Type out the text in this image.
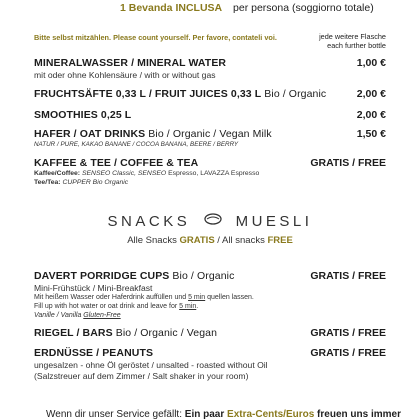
1 Bevanda INCLUSA per persona (soggiorno totale)
Bitte selbst mitzählen. Please count yourself. Per favore, contateli voi.	jede weitere Flasche
each further bottle
MINERALWASSER / MINERAL WATER	1,00 €
mit oder ohne Kohlensäure / with or without gas
FRUCHTSÄFTE 0,33 L / FRUIT JUICES 0,33 L Bio / Organic	2,00 €
SMOOTHIES 0,25 L	2,00 €
HAFER / OAT DRINKS Bio / Organic / Vegan Milk	1,50 €
NATUR / PURE, KAKAO BANANE / COCOA BANANA, BEERE / BERRY
KAFFEE & TEE / COFFEE & TEA	GRATIS / FREE
Kaffee/Coffee: SENSEO Classic, SENSEO Espresso, LAVAZZA Espresso
Tee/Tea: CUPPER Bio Organic
SNACKS	MUESLI
Alle Snacks GRATIS / All snacks FREE
DAVERT PORRIDGE CUPS Bio / Organic	GRATIS / FREE
Mini-Frühstück / Mini-Breakfast
Mit heißem Wasser oder Haferdrink auffüllen und 5 min quellen lassen.
Fill up with hot water or oat drink and leave for 5 min.
Vanille / Vanilla Gluten-Free
RIEGEL / BARS Bio / Organic / Vegan	GRATIS / FREE
ERDNÜSSE / PEANUTS	GRATIS / FREE
ungesalzen - ohne Öl geröstet / unsalted - roasted without Oil
(Salzstreuer auf dem Zimmer / Salt shaker in your room)
Wenn dir unser Service gefällt: Ein paar Extra-Cents/Euros freuen uns immer
